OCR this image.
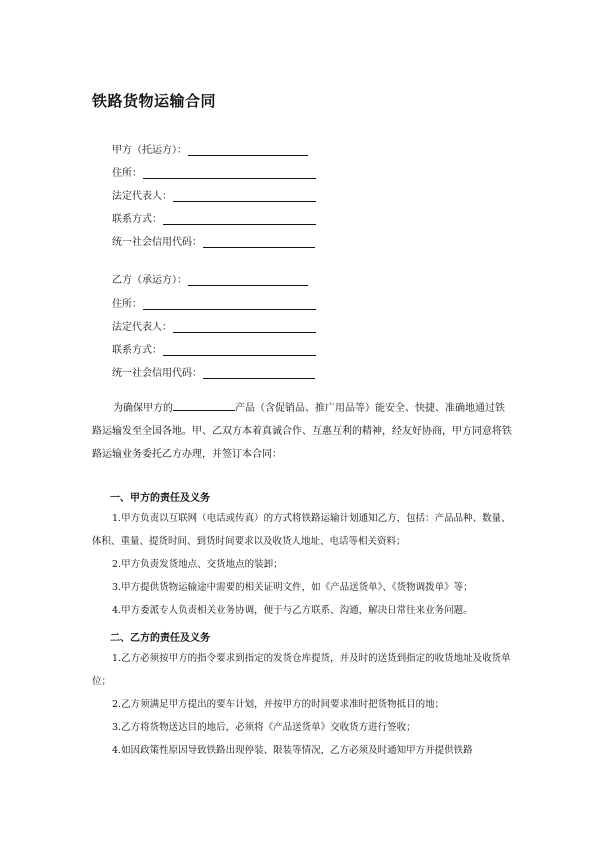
铁路货物运输合同
甲方（托运方）：
住所：
法定代表人：
联系方式：
统一社会信用代码：
乙方（承运方）：
住所：
法定代表人：
联系方式：
统一社会信用代码：
为确保甲方的	产品（含促销品、推广用品等）能安全、快捷、准确地通过铁路运输发至全国各地。甲、乙双方本着真诚合作、互惠互利的精神，经友好协商，甲方同意将铁路运输业务委托乙方办理，并签订本合同：
一、甲方的责任及义务
1.甲方负责以互联网（电话或传真）的方式将铁路运输计划通知乙方，包括：产品品种、数量、体积、重量、提货时间、到货时间要求以及收货人地址、电话等相关资料；
2.甲方负责发货地点、交货地点的装卸；
3.甲方提供货物运输途中需要的相关证明文件，如《产品送货单》、《货物调拨单》等；
4.甲方委派专人负责相关业务协调，便于与乙方联系、沟通，解决日常往来业务问题。
二、乙方的责任及义务
1.乙方必须按甲方的指令要求到指定的发货仓库提货，并及时的送货到指定的收货地址及收货单位；
2.乙方须满足甲方提出的要车计划，并按甲方的时间要求准时把货物抵目的地；
3.乙方将货物送达目的地后，必须将《产品送货单》交收货方进行签收；
4.如因政策性原因导致铁路出现停装、限装等情况，乙方必须及时通知甲方并提供铁路
